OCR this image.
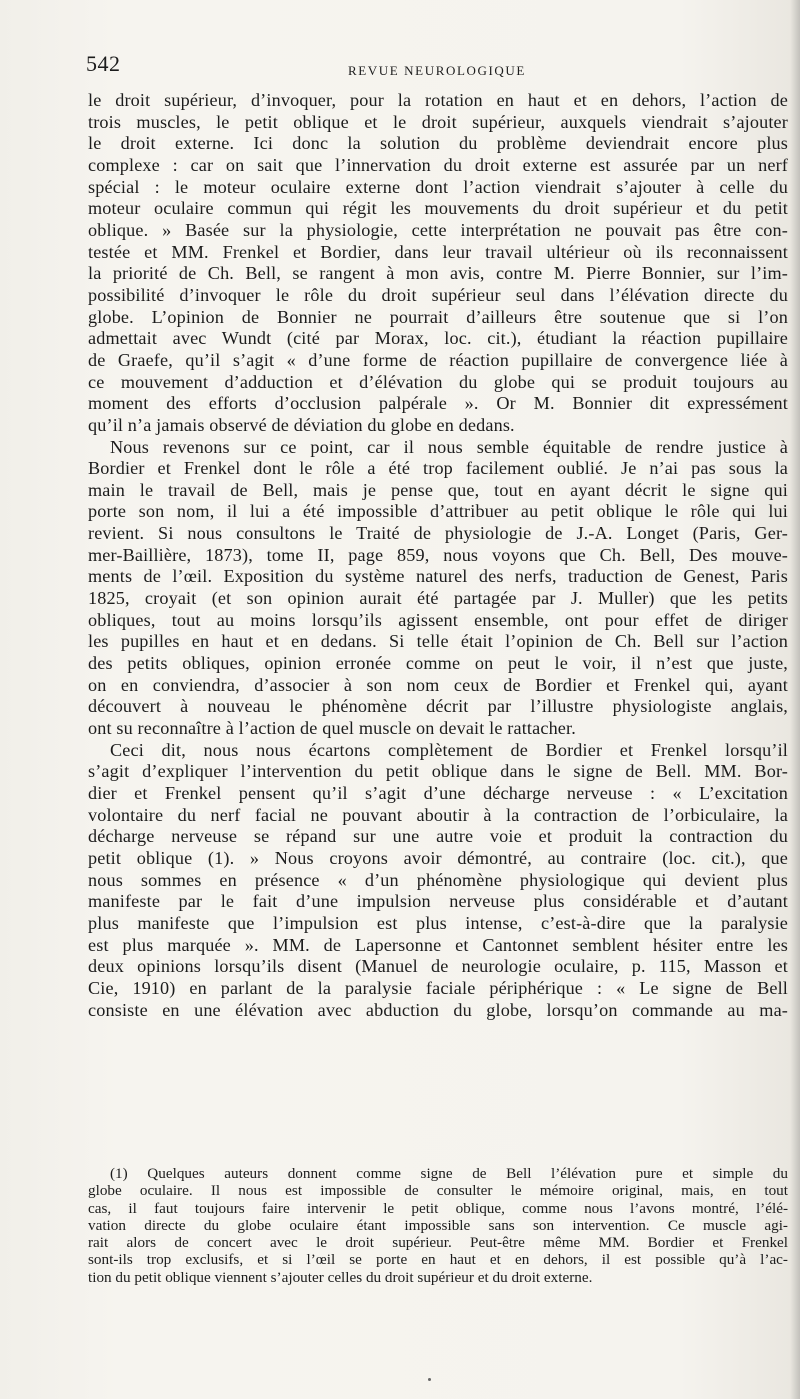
542	REVUE NEUROLOGIQUE
le droit supérieur, d’invoquer, pour la rotation en haut et en dehors, l’action de
trois muscles, le petit oblique et le droit supérieur, auxquels viendrait s’ajouter
le droit externe. Ici donc la solution du problème deviendrait encore plus
complexe : car on sait que l’innervation du droit externe est assurée par un nerf
spécial : le moteur oculaire externe dont l’action viendrait s’ajouter à celle du
moteur oculaire commun qui régit les mouvements du droit supérieur et du petit
oblique. » Basée sur la physiologie, cette interprétation ne pouvait pas être con-
testée et MM. Frenkel et Bordier, dans leur travail ultérieur où ils reconnaissent
la priorité de Ch. Bell, se rangent à mon avis, contre M. Pierre Bonnier, sur l’im-
possibilité d’invoquer le rôle du droit supérieur seul dans l’élévation directe du
globe. L’opinion de Bonnier ne pourrait d’ailleurs être soutenue que si l’on
admettait avec Wundt (cité par Morax, loc. cit.), étudiant la réaction pupillaire
de Graefe, qu’il s’agit « d’une forme de réaction pupillaire de convergence liée à
ce mouvement d’adduction et d’élévation du globe qui se produit toujours au
moment des efforts d’occlusion palpérale ». Or M. Bonnier dit expressément
qu’il n’a jamais observé de déviation du globe en dedans.
Nous revenons sur ce point, car il nous semble équitable de rendre justice à
Bordier et Frenkel dont le rôle a été trop facilement oublié. Je n’ai pas sous la
main le travail de Bell, mais je pense que, tout en ayant décrit le signe qui
porte son nom, il lui a été impossible d’attribuer au petit oblique le rôle qui lui
revient. Si nous consultons le Traité de physiologie de J.-A. Longet (Paris, Ger-
mer-Baillière, 1873), tome II, page 859, nous voyons que Ch. Bell, Des mouve-
ments de l’œil. Exposition du système naturel des nerfs, traduction de Genest, Paris
1825, croyait (et son opinion aurait été partagée par J. Muller) que les petits
obliques, tout au moins lorsqu’ils agissent ensemble, ont pour effet de diriger
les pupilles en haut et en dedans. Si telle était l’opinion de Ch. Bell sur l’action
des petits obliques, opinion erronée comme on peut le voir, il n’est que juste,
on en conviendra, d’associer à son nom ceux de Bordier et Frenkel qui, ayant
découvert à nouveau le phénomène décrit par l’illustre physiologiste anglais,
ont su reconnaître à l’action de quel muscle on devait le rattacher.
Ceci dit, nous nous écartons complètement de Bordier et Frenkel lorsqu’il
s’agit d’expliquer l’intervention du petit oblique dans le signe de Bell. MM. Bor-
dier et Frenkel pensent qu’il s’agit d’une décharge nerveuse : « L’excitation
volontaire du nerf facial ne pouvant aboutir à la contraction de l’orbiculaire, la
décharge nerveuse se répand sur une autre voie et produit la contraction du
petit oblique (1). » Nous croyons avoir démontré, au contraire (loc. cit.), que
nous sommes en présence « d’un phénomène physiologique qui devient plus
manifeste par le fait d’une impulsion nerveuse plus considérable et d’autant
plus manifeste que l’impulsion est plus intense, c’est-à-dire que la paralysie
est plus marquée ». MM. de Lapersonne et Cantonnet semblent hésiter entre les
deux opinions lorsqu’ils disent (Manuel de neurologie oculaire, p. 115, Masson et
Cie, 1910) en parlant de la paralysie faciale périphérique : « Le signe de Bell
consiste en une élévation avec abduction du globe, lorsqu’on commande au ma-
(1) Quelques auteurs donnent comme signe de Bell l’élévation pure et simple du
globe oculaire. Il nous est impossible de consulter le mémoire original, mais, en tout
cas, il faut toujours faire intervenir le petit oblique, comme nous l’avons montré, l’élé-
vation directe du globe oculaire étant impossible sans son intervention. Ce muscle agi-
rait alors de concert avec le droit supérieur. Peut-être même MM. Bordier et Frenkel
sont-ils trop exclusifs, et si l’œil se porte en haut et en dehors, il est possible qu’à l’ac-
tion du petit oblique viennent s’ajouter celles du droit supérieur et du droit externe.
